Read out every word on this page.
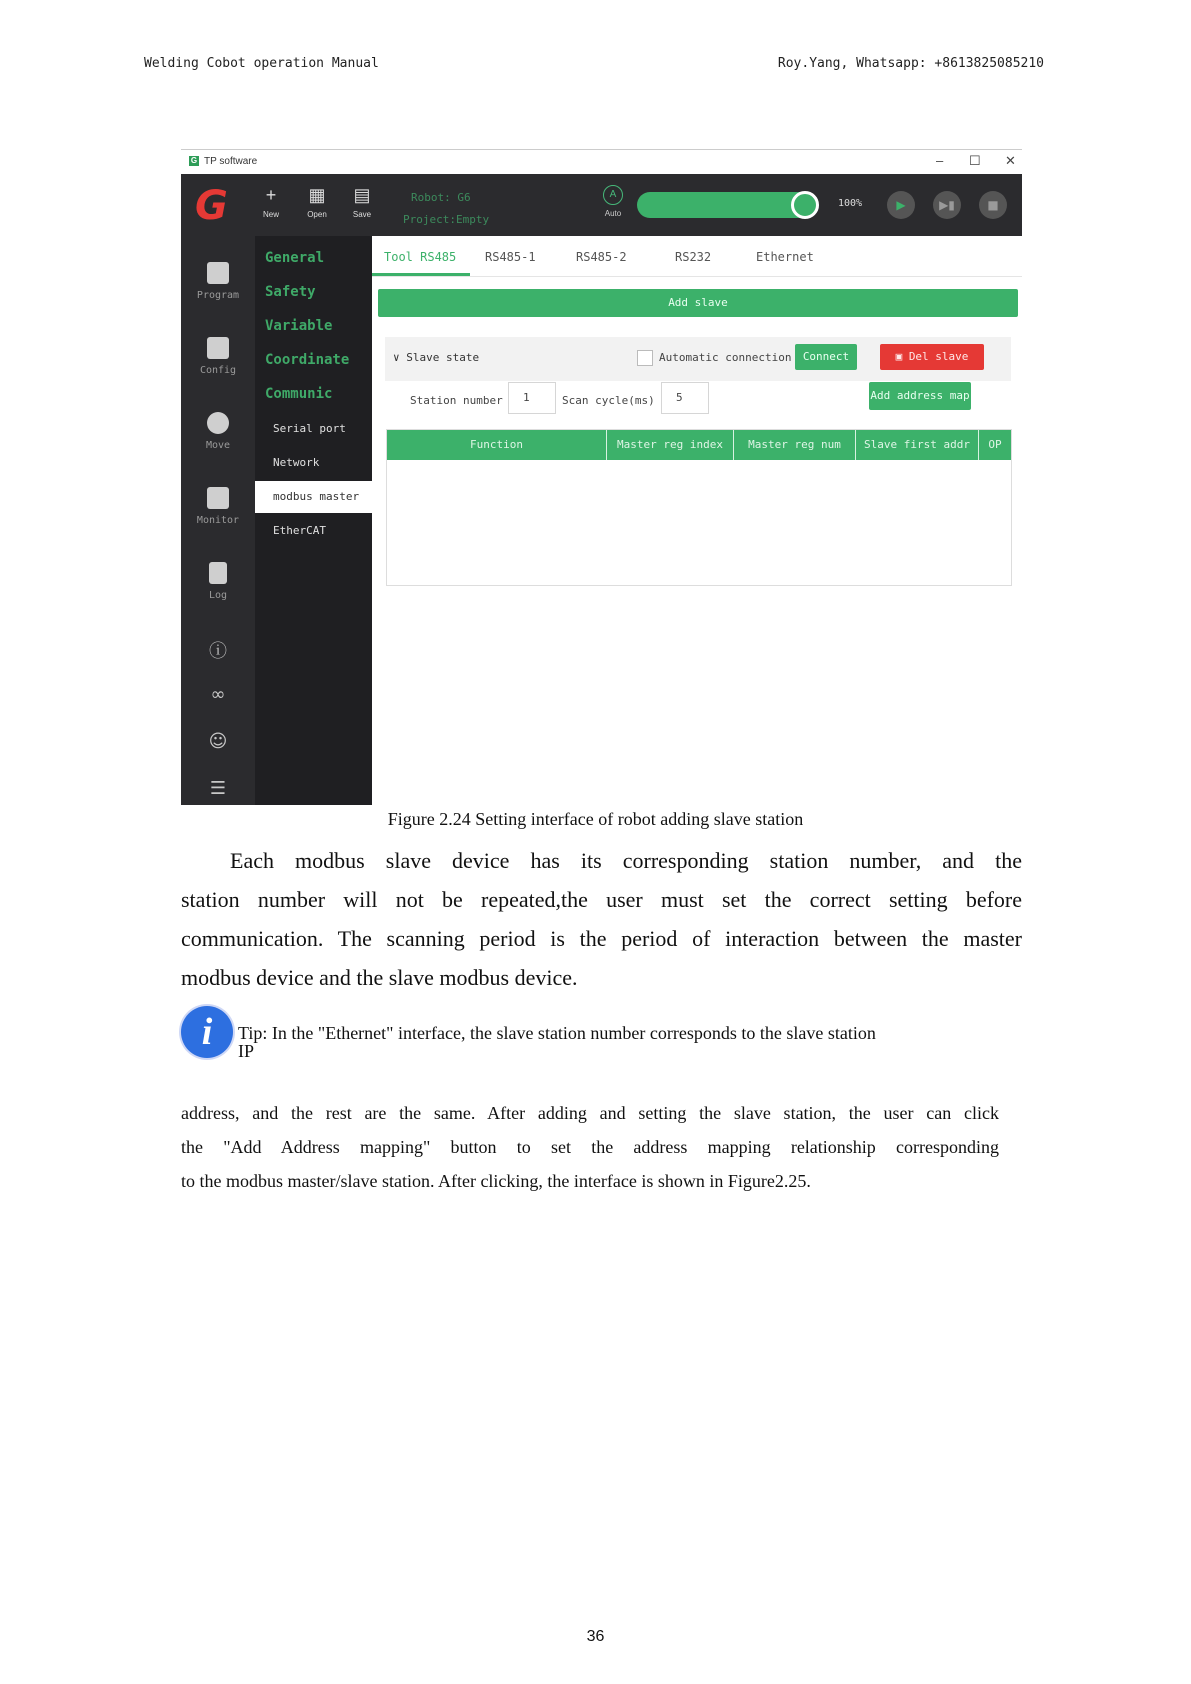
Welding Cobot operation Manual	Roy.Yang, Whatsapp: +8613825085210
G TP software	– ☐ ✕
G	+
New
▦
Open
▤
Save
Robot: G6
Project:Empty
A
Auto
100%	▶	▶▮	■
Program
Config
Move
Monitor
Log
ⓘ
∞
☺
☰
General
Safety
Variable
Coordinate
Communic
Serial port
Network
modbus master
EtherCAT
Tool RS485 RS485-1	RS485-2	RS232	Ethernet
Add slave
∨ Slave state	Automatic connection	Connect	▣ Del slave
Station number 1	Scan cycle(ms) 5	Add address map
Function	Master reg index	Master reg num	Slave first addr	OP
Figure 2.24 Setting interface of robot adding slave station
Each modbus slave device has its corresponding station number, and the
station number will not be repeated,the user must set the correct setting before
communication. The scanning period is the period of interaction between the master
modbus device and the slave modbus device.
i	Tip: In the "Ethernet" interface, the slave station number corresponds to the slave station
IP
address, and the rest are the same. After adding and setting the slave station, the user can click
the "Add Address mapping" button to set the address mapping relationship corresponding
to the modbus master/slave station. After clicking, the interface is shown in Figure2.25.
36
